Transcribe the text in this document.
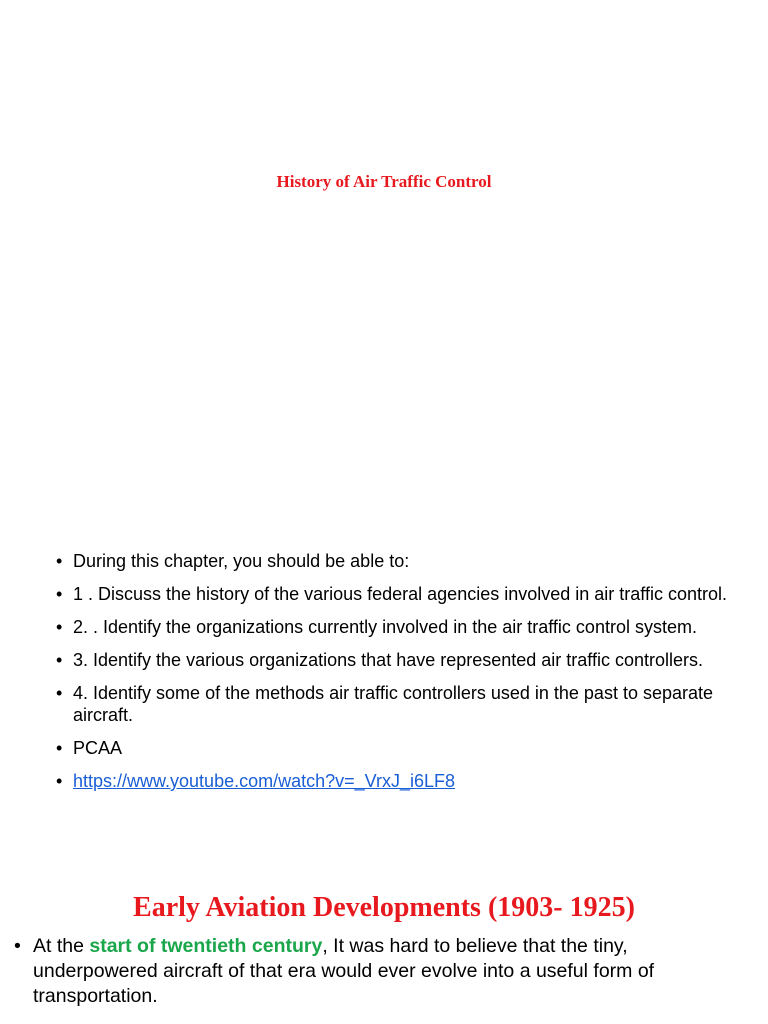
History of Air Traffic Control
• During this chapter, you should be able to:
• 1 . Discuss the history of the various federal agencies involved in air traffic control.
• 2. . Identify the organizations currently involved in the air traffic control system.
• 3. Identify the various organizations that have represented air traffic controllers.
• 4. Identify some of the methods air traffic controllers used in the past to separate aircraft.
• PCAA
• https://www.youtube.com/watch?v=_VrxJ_i6LF8
Early Aviation Developments (1903- 1925)
• At the start of twentieth century, It was hard to believe that the tiny, underpowered aircraft of that era would ever evolve into a useful form of transportation.
